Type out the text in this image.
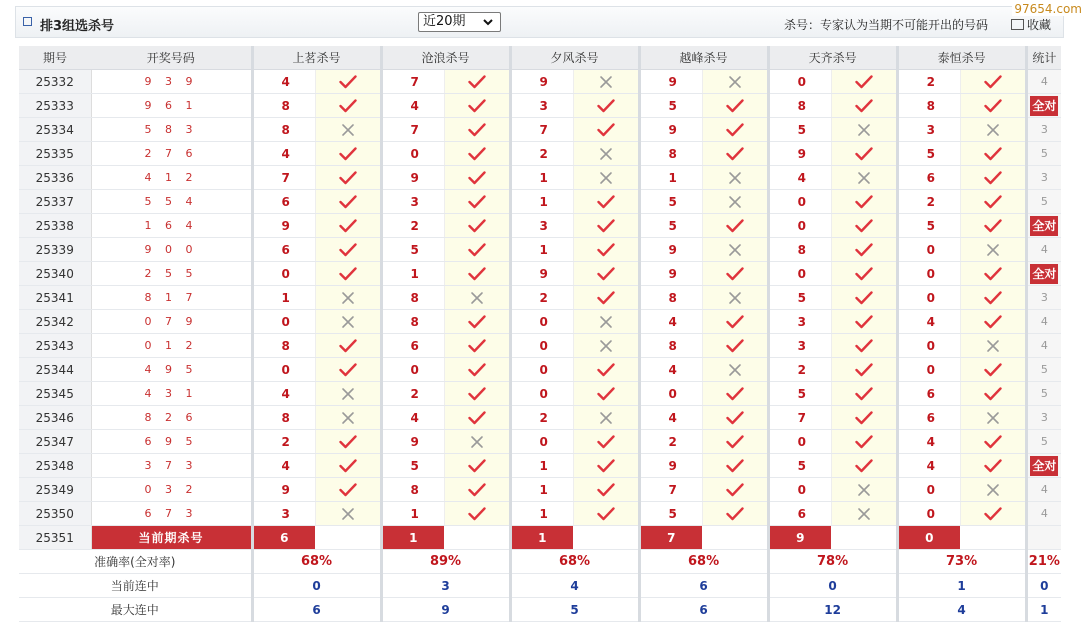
排3组选杀号	近20期	杀号：专家认为当期不可能开出的号码	收藏
97654.com
期号	开奖号码	上茗杀号		沧浪杀号		夕风杀号		越峰杀号		天齐杀号		泰恒杀号		统计
25332	9 3 9	4		7		9		9		0		2		4
25333	9 6 1	8		4		3		5		8		8		全对
25334	5 8 3	8		7		7		9		5		3		3
25335	2 7 6	4		0		2		8		9		5		5
25336	4 1 2	7		9		1		1		4		6		3
25337	5 5 4	6		3		1		5		0		2		5
25338	1 6 4	9		2		3		5		0		5		全对
25339	9 0 0	6		5		1		9		8		0		4
25340	2 5 5	0		1		9		9		0		0		全对
25341	8 1 7	1		8		2		8		5		0		3
25342	0 7 9	0		8		0		4		3		4		4
25343	0 1 2	8		6		0		8		3		0		4
25344	4 9 5	0		0		0		4		2		0		5
25345	4 3 1	4		2		0		0		5		6		5
25346	8 2 6	8		4		2		4		7		6		3
25347	6 9 5	2		9		0		2		0		4		5
25348	3 7 3	4		5		1		9		5		4		全对
25349	0 3 2	9		8		1		7		0		0		4
25350	6 7 3	3		1		1		5		6		0		4
25351	当前期杀号	6		1		1		7		9		0		
准确率(全对率)		68%		89%		68%		68%		78%		73%		21%
当前连中		0		3		4		6		0		1		0
最大连中		6		9		5		6		12		4		1
